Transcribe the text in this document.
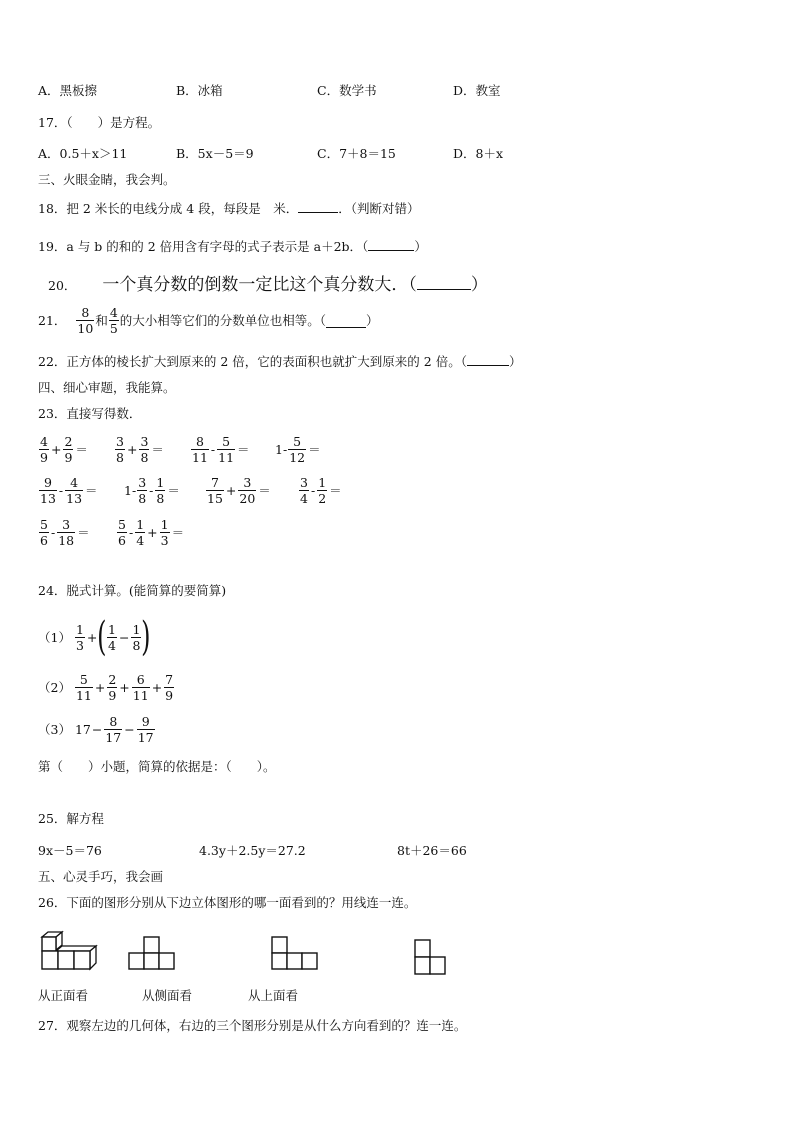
A．黑板擦	B．冰箱	C．数学书	D．教室
17．（　　）是方程。
A．0.5＋x＞11	B．5x－5＝9	C．7＋8＝15	D．8＋x
三、火眼金睛，我会判。
18．把 2 米长的电线分成 4 段，每段是　米．	．（判断对错）
19．a 与 b 的和的 2 倍用含有字母的式子表示是 a＋2b．（	）
20． 一个真分数的倒数一定比这个真分数大．（	）
21． $\frac{8}{10}$ 和 $\frac{4}{5}$ 的大小相等它们的分数单位也相等。（	）
22．正方体的棱长扩大到原来的 2 倍，它的表面积也就扩大到原来的 2 倍。（	）
四、细心审题，我能算。
23．直接写得数．
$\frac{4}{9} + \frac{2}{9} = \frac{3}{8} + \frac{3}{8} = \frac{8}{11} - \frac{5}{11} = 1- \frac{5}{12}$ ＝
$\frac{9}{13} - \frac{4}{13} = 1- \frac{3}{8} - \frac{1}{8} = \frac{7}{15} + \frac{3}{20} = \frac{3}{4} - \frac{1}{2}$ ＝
$\frac{5}{6} - \frac{3}{18} = \frac{5}{6} - \frac{1}{4} + \frac{1}{3}$ ＝
24．脱式计算。(能简算的要简算)
$(1) \frac{1}{3}$ + ( $\frac{1}{4} - \frac{1}{8}$ )
$(2) \frac{5}{11} + \frac{2}{9} + \frac{6}{11} + \frac{7}{9}$
（3） $17 - \frac{8}{17} - \frac{9}{17}$
第（　　）小题，简算的依据是：（　　）。
25．解方程
9x－5＝76	4.3y＋2.5y＝27.2	8t＋26＝66
五、心灵手巧，我会画
26．下面的图形分别从下边立体图形的哪一面看到的？用线连一连。
从正面看	从侧面看	从上面看
27．观察左边的几何体，右边的三个图形分别是从什么方向看到的？连一连。
